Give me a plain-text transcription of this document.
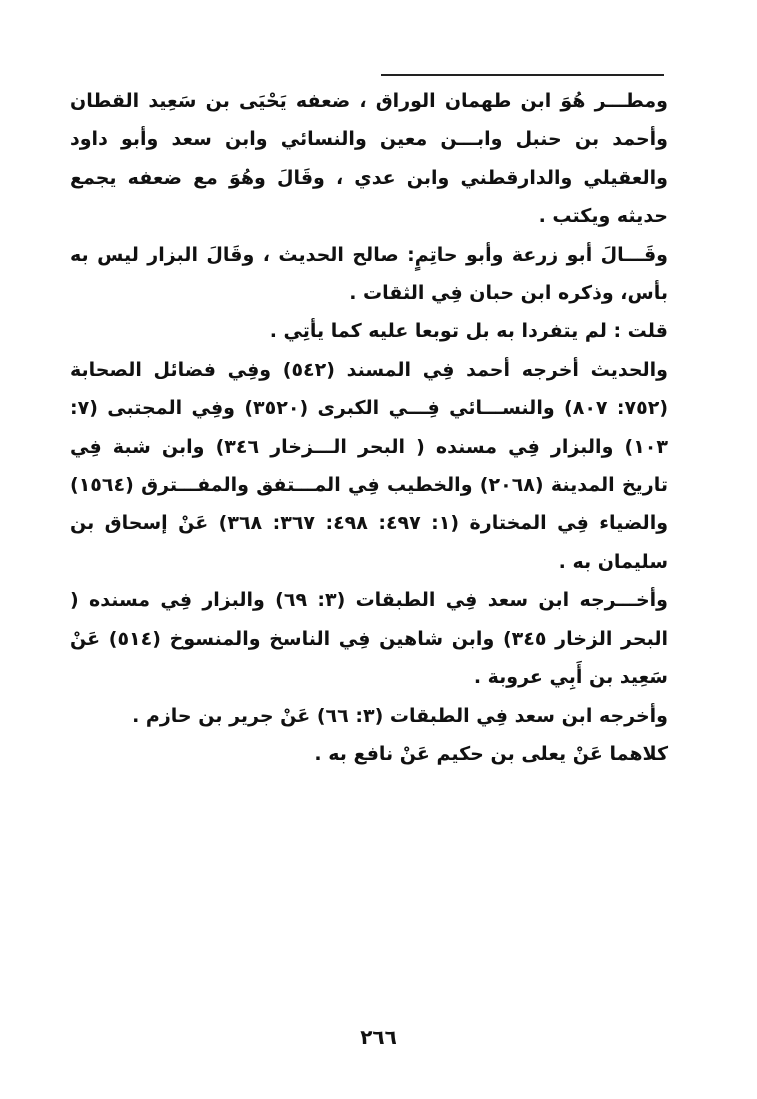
ومطـــر هُوَ ابن طهمان الوراق ، ضعفه يَحْيَى بن سَعِيد القطان وأحمد بن حنبل وابـــن معين والنسائي وابن سعد وأبو داود والعقيلي والدارقطني وابن عدي ، وقَالَ وهُوَ مع ضعفه يجمع حديثه ويكتب .

وقَـــالَ أبو زرعة وأبو حاتِمٍ: صالح الحديث ، وقَالَ البزار ليس به بأس، وذكره ابن حبان فِي الثقات .

قلت : لم يتفردا به بل توبعا عليه كما يأتِي .

والحديث أخرجه أحمد فِي المسند (٥٤٢) وفِي فضائل الصحابة (٧٥٢: ٨٠٧) والنســـائي فِـــي الكبرى (٣٥٢٠) وفِي المجتبى (٧: ١٠٣) والبزار فِي مسنده ( البحر الـــزخار ٣٤٦) وابن شبة فِي تاريخ المدينة (٢٠٦٨) والخطيب فِي المـــتفق والمفـــترق (١٥٦٤) والضياء فِي المختارة (١: ٤٩٧: ٤٩٨: ٣٦٧: ٣٦٨) عَنْ إسحاق بن سليمان به .

وأخـــرجه ابن سعد فِي الطبقات (٣: ٦٩) والبزار فِي مسنده ( البحر الزخار ٣٤٥) وابن شاهين فِي الناسخ والمنسوخ (٥١٤) عَنْ سَعِيد بن أَبِي عروبة .

وأخرجه ابن سعد فِي الطبقات (٣: ٦٦) عَنْ جرير بن حازم .

كلاهما عَنْ يعلى بن حكيم عَنْ نافع به .

٢٦٦
